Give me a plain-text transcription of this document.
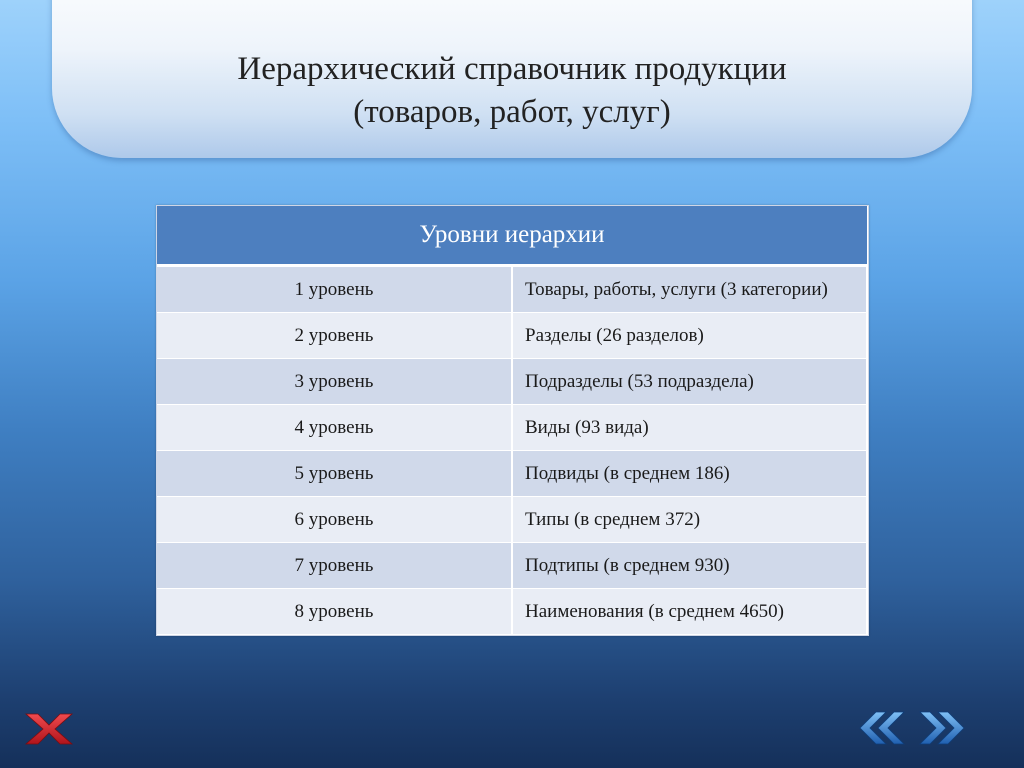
Иерархический справочник продукции
(товаров, работ, услуг)
Уровни иерархии	
1 уровень	Товары, работы, услуги (3 категории)
2 уровень	Разделы (26 разделов)
3 уровень	Подразделы (53 подраздела)
4 уровень	Виды (93 вида)
5 уровень	Подвиды (в среднем 186)
6 уровень	Типы (в среднем 372)
7 уровень	Подтипы (в среднем 930)
8 уровень	Наименования (в среднем 4650)
